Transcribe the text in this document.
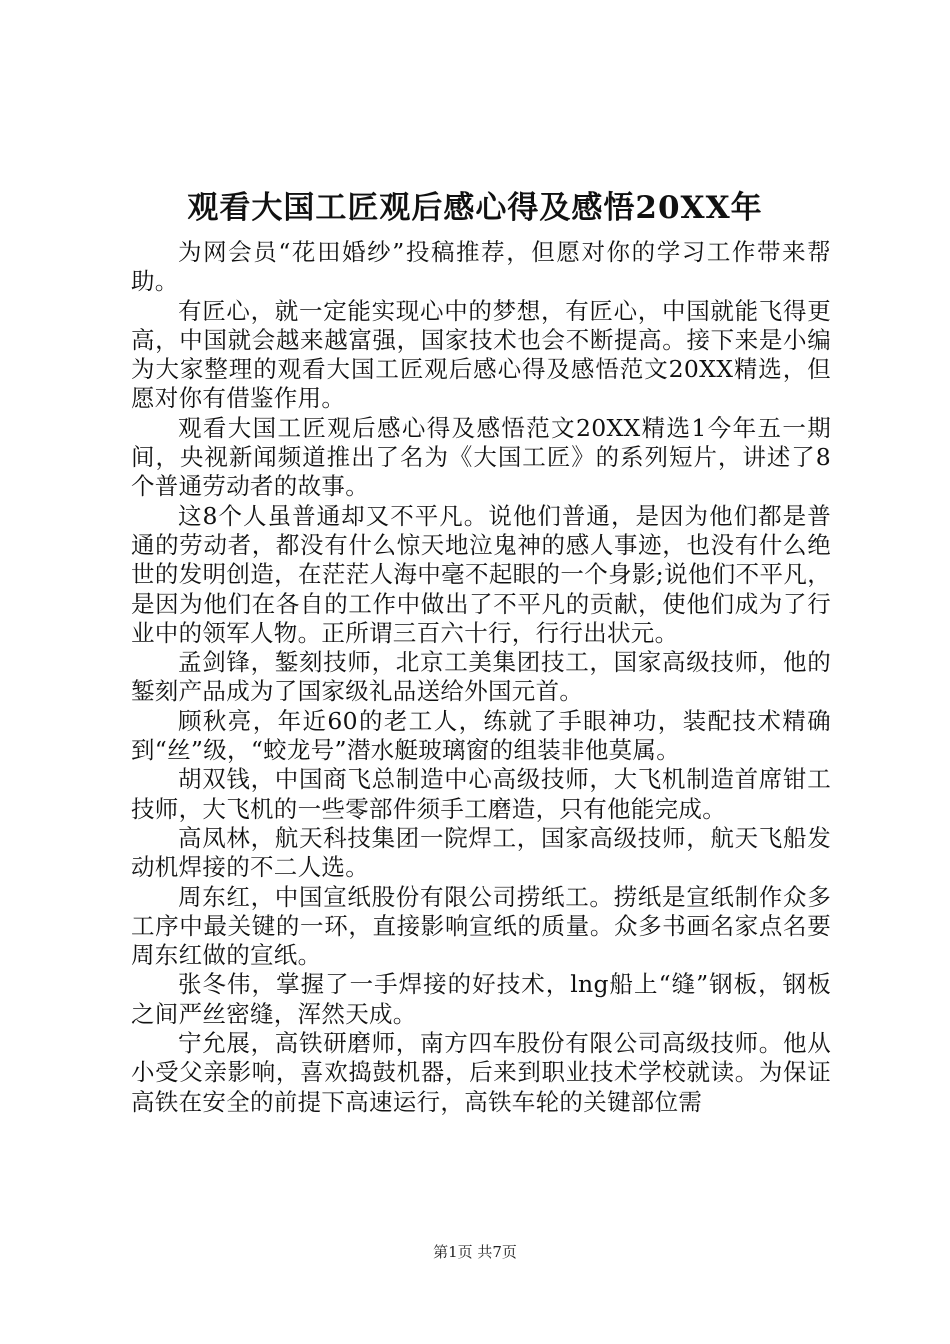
观看大国工匠观后感心得及感悟20XX年

为网会员“花田婚纱”投稿推荐，但愿对你的学习工作带来帮助。

有匠心，就一定能实现心中的梦想，有匠心，中国就能飞得更高，中国就会越来越富强，国家技术也会不断提高。接下来是小编为大家整理的观看大国工匠观后感心得及感悟范文20XX精选，但愿对你有借鉴作用。

观看大国工匠观后感心得及感悟范文20XX精选1今年五一期间，央视新闻频道推出了名为《大国工匠》的系列短片，讲述了8个普通劳动者的故事。

这8个人虽普通却又不平凡。说他们普通，是因为他们都是普通的劳动者，都没有什么惊天地泣鬼神的感人事迹，也没有什么绝世的发明创造，在茫茫人海中毫不起眼的一个身影;说他们不平凡，是因为他们在各自的工作中做出了不平凡的贡献，使他们成为了行业中的领军人物。正所谓三百六十行，行行出状元。

孟剑锋，錾刻技师，北京工美集团技工，国家高级技师，他的錾刻产品成为了国家级礼品送给外国元首。

顾秋亮，年近60的老工人，练就了手眼神功，装配技术精确到“丝”级，“蛟龙号”潜水艇玻璃窗的组装非他莫属。

胡双钱，中国商飞总制造中心高级技师，大飞机制造首席钳工技师，大飞机的一些零部件须手工磨造，只有他能完成。

高凤林，航天科技集团一院焊工，国家高级技师，航天飞船发动机焊接的不二人选。

周东红，中国宣纸股份有限公司捞纸工。捞纸是宣纸制作众多工序中最关键的一环，直接影响宣纸的质量。众多书画名家点名要周东红做的宣纸。

张冬伟，掌握了一手焊接的好技术，lng船上“缝”钢板，钢板之间严丝密缝，浑然天成。

宁允展，高铁研磨师，南方四车股份有限公司高级技师。他从小受父亲影响，喜欢捣鼓机器，后来到职业技术学校就读。为保证高铁在安全的前提下高速运行，高铁车轮的关键部位需

第1页 共7页
